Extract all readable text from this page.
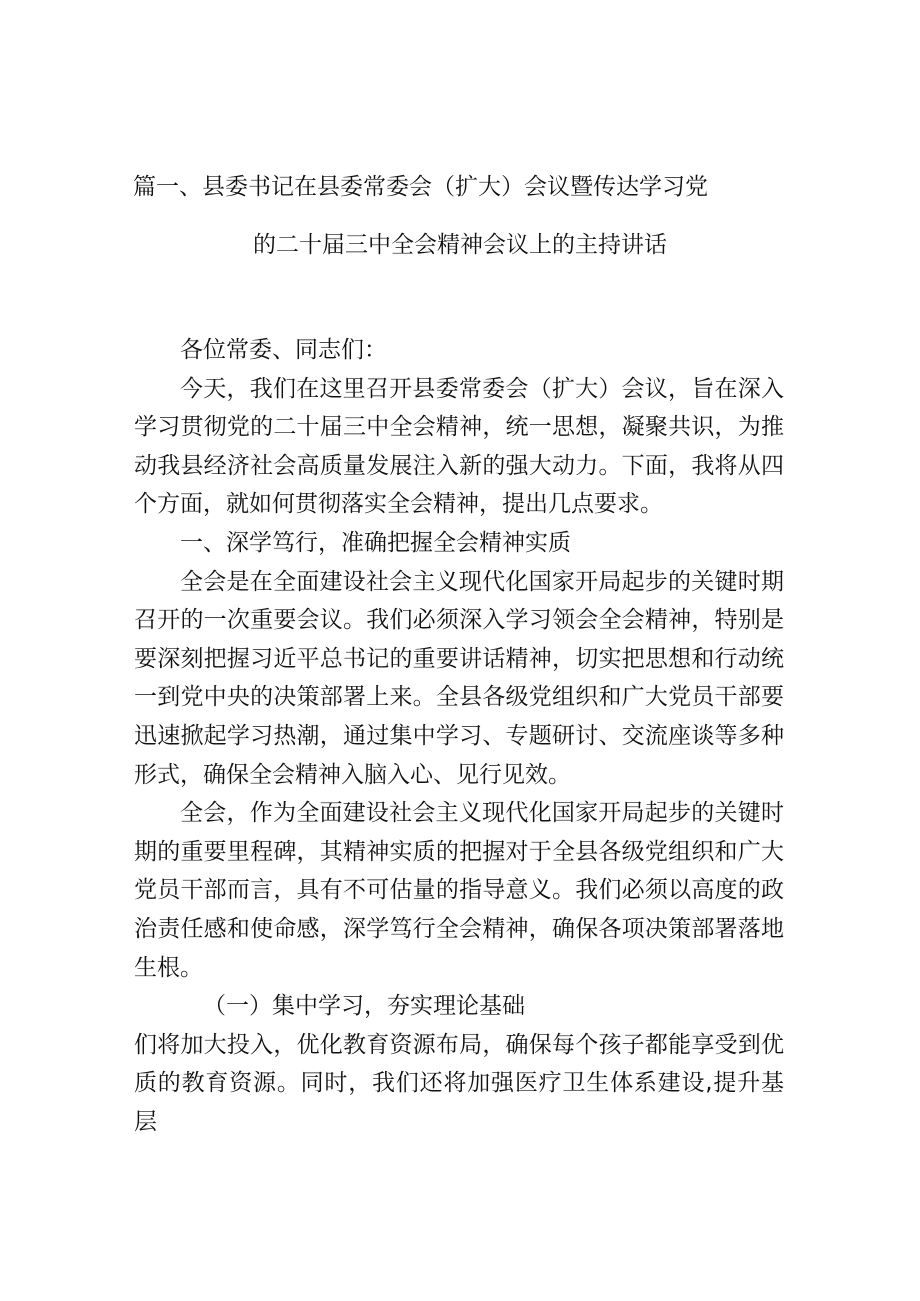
篇一、县委书记在县委常委会（扩大）会议暨传达学习党
的二十届三中全会精神会议上的主持讲话

各位常委、同志们：

今天，我们在这里召开县委常委会（扩大）会议，旨在深入学习贯彻党的二十届三中全会精神，统一思想，凝聚共识，为推动我县经济社会高质量发展注入新的强大动力。下面，我将从四个方面，就如何贯彻落实全会精神，提出几点要求。

一、深学笃行，准确把握全会精神实质

全会是在全面建设社会主义现代化国家开局起步的关键时期召开的一次重要会议。我们必须深入学习领会全会精神，特别是要深刻把握习近平总书记的重要讲话精神，切实把思想和行动统一到党中央的决策部署上来。全县各级党组织和广大党员干部要迅速掀起学习热潮，通过集中学习、专题研讨、交流座谈等多种形式，确保全会精神入脑入心、见行见效。

全会，作为全面建设社会主义现代化国家开局起步的关键时期的重要里程碑，其精神实质的把握对于全县各级党组织和广大党员干部而言，具有不可估量的指导意义。我们必须以高度的政治责任感和使命感，深学笃行全会精神，确保各项决策部署落地生根。

（一）集中学习，夯实理论基础

们将加大投入，优化教育资源布局，确保每个孩子都能享受到优质的教育资源。同时，我们还将加强医疗卫生体系建设,提升基层
